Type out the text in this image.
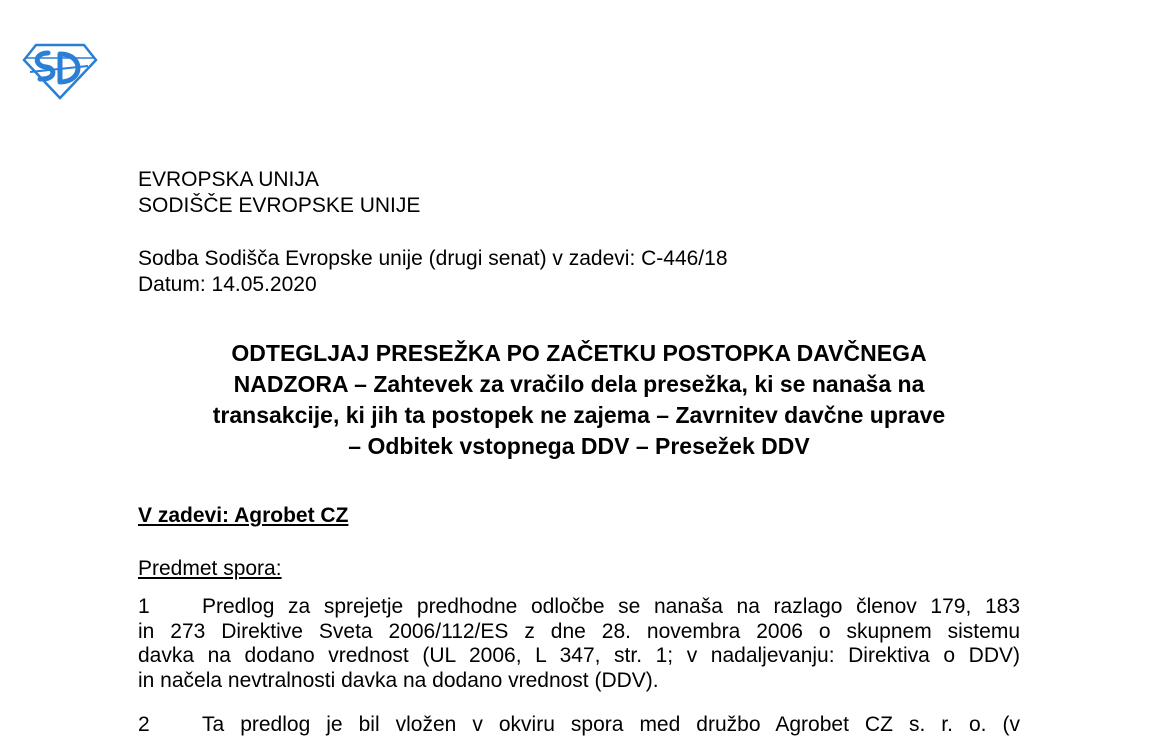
EVROPSKA UNIJA
SODIŠČE EVROPSKE UNIJE
Sodba Sodišča Evropske unije (drugi senat) v zadevi: C-446/18
Datum: 14.05.2020
ODTEGLJAJ PRESEŽKA PO ZAČETKU POSTOPKA DAVČNEGA
NADZORA – Zahtevek za vračilo dela presežka, ki se nanaša na
transakcije, ki jih ta postopek ne zajema – Zavrnitev davčne uprave
– Odbitek vstopnega DDV – Presežek DDV
V zadevi: Agrobet CZ
Predmet spora:
1 Predlog za sprejetje predhodne odločbe se nanaša na razlago členov 179, 183
in 273 Direktive Sveta 2006/112/ES z dne 28. novembra 2006 o skupnem sistemu
davka na dodano vrednost (UL 2006, L 347, str. 1; v nadaljevanju: Direktiva o DDV)
in načela nevtralnosti davka na dodano vrednost (DDV).
2 Ta predlog je bil vložen v okviru spora med družbo Agrobet CZ s. r. o. (v
